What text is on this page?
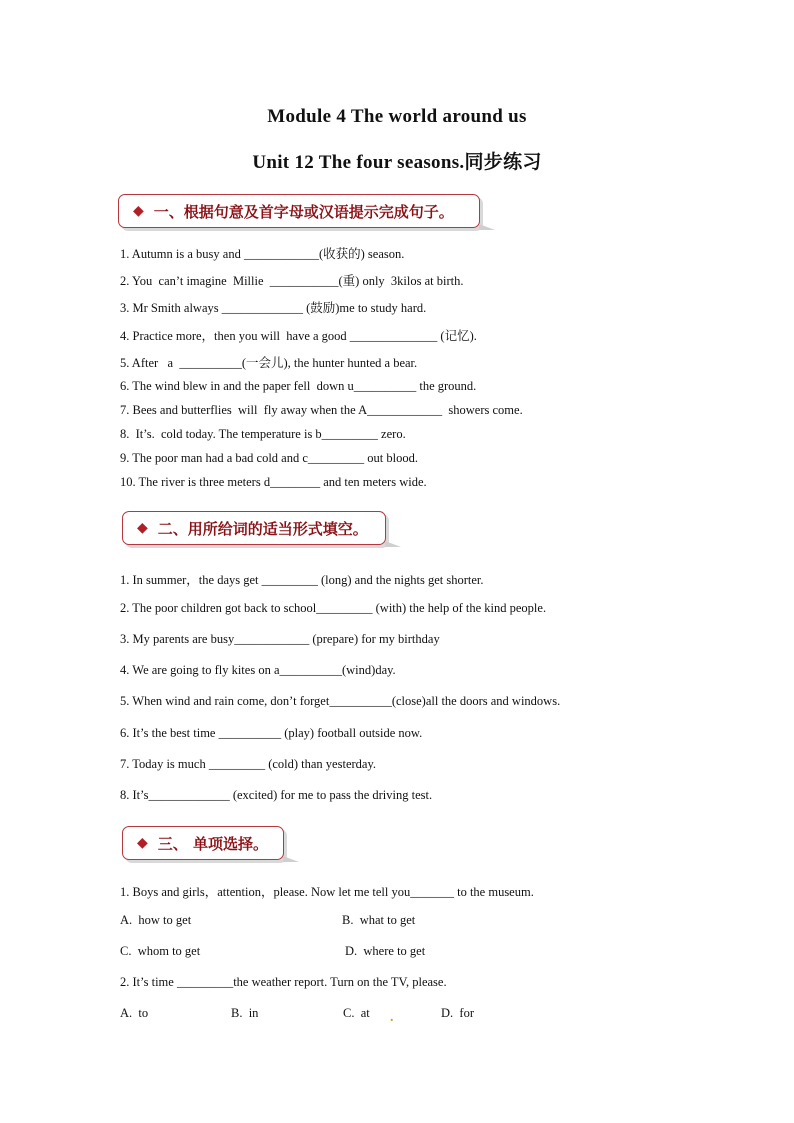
Module 4 The world around us
Unit 12 The four seasons.同步练习
◆ 一、根据句意及首字母或汉语提示完成句子。
1. Autumn is a busy and ____________(收获的) season.
2. You  can’t imagine  Millie  ___________(重) only  3kilos at birth.
3. Mr Smith always _____________ (鼓励)me to study hard.
4. Practice more，then you will  have a good ______________ (记忆).
5. After   a  __________(一会儿), the hunter hunted a bear.
6. The wind blew in and the paper fell  down u__________ the ground.
7. Bees and butterflies  will  fly away when the A____________  showers come.
8.  It’s.  cold today. The temperature is b_________ zero.
9. The poor man had a bad cold and c_________ out blood.
10. The river is three meters d________ and ten meters wide.
◆ 二、用所给词的适当形式填空。
1. In summer，the days get _________ (long) and the nights get shorter.
2. The poor children got back to school_________ (with) the help of the kind people.
3. My parents are busy____________ (prepare) for my birthday
4. We are going to fly kites on a__________(wind)day.
5. When wind and rain come, don’t forget__________(close)all the doors and windows.
6. It’s the best time __________ (play) football outside now.
7. Today is much _________ (cold) than yesterday.
8. It’s_____________ (excited) for me to pass the driving test.
◆ 三、 单项选择。
1. Boys and girls，attention，please. Now let me tell you_______ to the museum.
A.  how to get	B.  what to get
C.  whom to get	D.  where to get
2. It’s time _________the weather report. Turn on the TV, please.
A.  to	B.  in	C.  at .	D.  for
